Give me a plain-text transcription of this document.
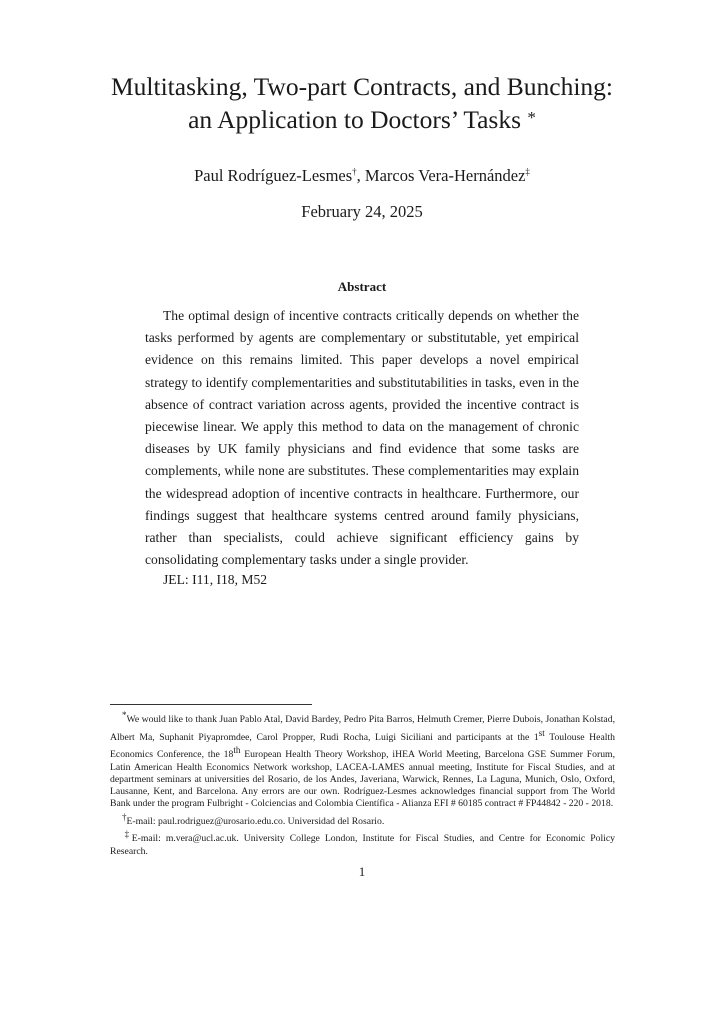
Multitasking, Two-part Contracts, and Bunching:
an Application to Doctors’ Tasks *
Paul Rodríguez-Lesmes†, Marcos Vera-Hernández‡
February 24, 2025
Abstract

The optimal design of incentive contracts critically depends on whether the tasks performed by agents are complementary or substitutable, yet empirical evidence on this remains limited. This paper develops a novel empirical strategy to identify complementarities and substitutabilities in tasks, even in the absence of contract variation across agents, provided the incentive contract is piecewise linear. We apply this method to data on the management of chronic diseases by UK family physicians and find evidence that some tasks are complements, while none are substitutes. These complementarities may explain the widespread adoption of incentive contracts in healthcare. Furthermore, our findings suggest that healthcare systems centred around family physicians, rather than specialists, could achieve significant efficiency gains by consolidating complementary tasks under a single provider.

JEL: I11, I18, M52

*We would like to thank Juan Pablo Atal, David Bardey, Pedro Pita Barros, Helmuth Cremer, Pierre Dubois, Jonathan Kolstad, Albert Ma, Suphanit Piyapromdee, Carol Propper, Rudi Rocha, Luigi Siciliani and participants at the 1st Toulouse Health Economics Conference, the 18th European Health Theory Workshop, iHEA World Meeting, Barcelona GSE Summer Forum, Latin American Health Economics Network workshop, LACEA-LAMES annual meeting, Institute for Fiscal Studies, and at department seminars at universities del Rosario, de los Andes, Javeriana, Warwick, Rennes, La Laguna, Munich, Oslo, Oxford, Lausanne, Kent, and Barcelona. Any errors are our own. Rodríguez-Lesmes acknowledges financial support from The World Bank under the program Fulbright - Colciencias and Colombia Científica - Alianza EFI # 60185 contract # FP44842 - 220 - 2018.

†E-mail: paul.rodriguez@urosario.edu.co. Universidad del Rosario.

‡E-mail: m.vera@ucl.ac.uk. University College London, Institute for Fiscal Studies, and Centre for Economic Policy Research.

1
